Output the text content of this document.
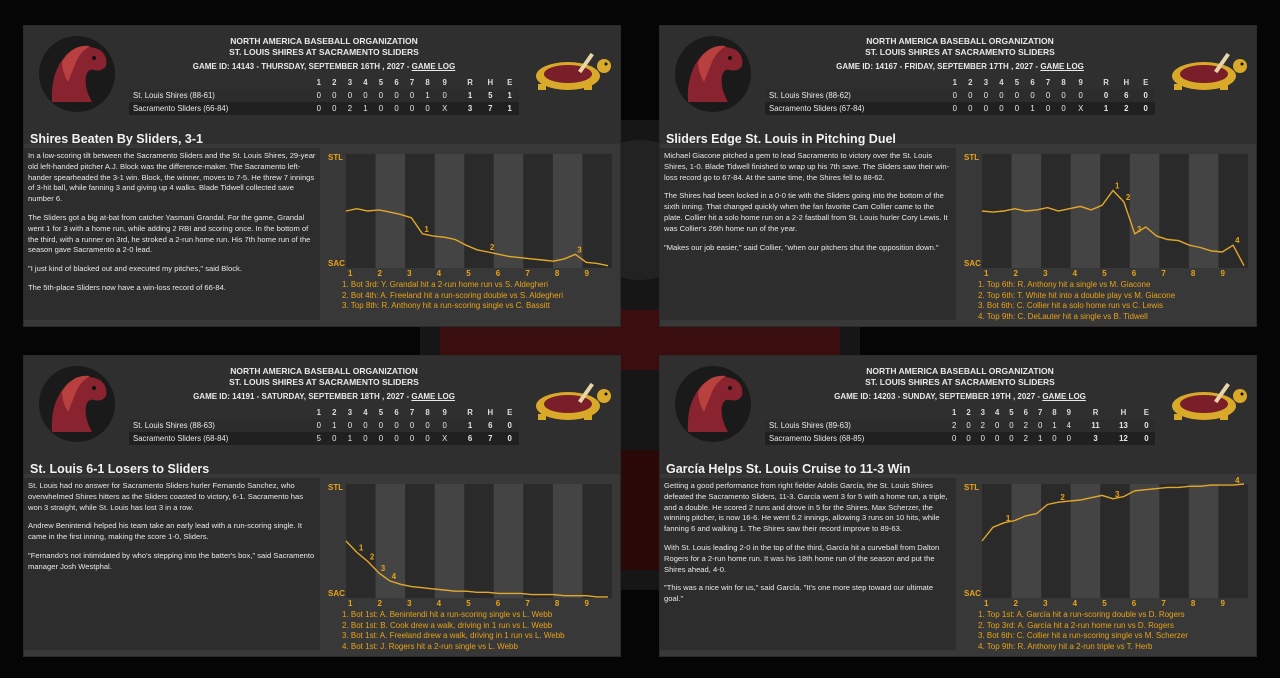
NORTH AMERICA BASEBALL ORGANIZATION
ST. LOUIS SHIRES AT SACRAMENTO SLIDERS
GAME ID: 14143 - THURSDAY, SEPTEMBER 16TH , 2027 - GAME LOG
	1	2	3	4	5	6	7	8	9		R	H	E
St. Louis Shires (88-61)	0	0	0	0	0	0	0	1	0		1	5	1
Sacramento Sliders (66-84)	0	0	2	1	0	0	0	0	X		3	7	1
Shires Beaten By Sliders, 3-1

In a low-scoring tilt between the Sacramento Sliders and the St. Louis Shires, 29-year old left-handed pitcher A.J. Block was the difference-maker. The Sacramento left-hander spearheaded the 3-1 win. Block, the winner, moves to 7-5. He threw 7 innings of 3-hit ball, while fanning 3 and giving up 4 walks. Blade Tidwell collected save number 6.

The Sliders got a big at-bat from catcher Yasmani Grandal. For the game, Grandal went 1 for 3 with a home run, while adding 2 RBI and scoring once. In the bottom of the third, with a runner on 3rd, he stroked a 2-run home run. His 7th home run of the season gave Sacramento a 2-0 lead.

"I just kind of blacked out and executed my pitches," said Block.

The 5th-place Sliders now have a win-loss record of 66-84.

STL
SAC
1	2	3	4	5	6	7	8	9
1
2	3
1. Bot 3rd: Y. Grandal hit a 2-run home run vs S. Aldegheri
2. Bot 4th: A. Freeland hit a run-scoring double vs S. Aldegheri
3. Top 8th: R. Anthony hit a run-scoring single vs C. Bassitt
NORTH AMERICA BASEBALL ORGANIZATION
ST. LOUIS SHIRES AT SACRAMENTO SLIDERS
GAME ID: 14167 - FRIDAY, SEPTEMBER 17TH , 2027 - GAME LOG
	1	2	3	4	5	6	7	8	9		R	H	E
St. Louis Shires (88-62)	0	0	0	0	0	0	0	0	0		0	6	0
Sacramento Sliders (67-84)	0	0	0	0	0	1	0	0	X		1	2	0
Sliders Edge St. Louis in Pitching Duel

Michael Giacone pitched a gem to lead Sacramento to victory over the St. Louis Shires, 1-0. Blade Tidwell finished to wrap up his 7th save. The Sliders saw their win-loss record go to 67-84. At the same time, the Shires fell to 88-62.

The Shires had been locked in a 0-0 tie with the Sliders going into the bottom of the sixth inning. That changed quickly when the fan favorite Cam Collier came to the plate. Collier hit a solo home run on a 2-2 fastball from St. Louis hurler Cory Lewis. It was Collier's 26th home run of the year.

"Makes our job easier," said Collier, "when our pitchers shut the opposition down."

STL
SAC
1	2	3	4	5	6	7	8	9
1
2
3
4
1. Top 6th: R. Anthony hit a single vs M. Giacone
2. Top 6th: T. White hit into a double play vs M. Giacone
3. Bot 6th: C. Collier hit a solo home run vs C. Lewis
4. Top 9th: C. DeLauter hit a single vs B. Tidwell
NORTH AMERICA BASEBALL ORGANIZATION
ST. LOUIS SHIRES AT SACRAMENTO SLIDERS
GAME ID: 14191 - SATURDAY, SEPTEMBER 18TH , 2027 - GAME LOG
	1	2	3	4	5	6	7	8	9		R	H	E
St. Louis Shires (88-63)	0	1	0	0	0	0	0	0	0		1	6	0
Sacramento Sliders (68-84)	5	0	1	0	0	0	0	0	X		6	7	0
St. Louis 6-1 Losers to Sliders

St. Louis had no answer for Sacramento Sliders hurler Fernando Sanchez, who overwhelmed Shires hitters as the Sliders coasted to victory, 6-1. Sacramento has won 3 straight, while St. Louis has lost 3 in a row.

Andrew Benintendi helped his team take an early lead with a run-scoring single. It came in the first inning, making the score 1-0, Sliders.

"Fernando's not intimidated by who's stepping into the batter's box," said Sacramento manager Josh Westphal.

STL
SAC
1	2	3	4	5	6	7	8	9
1
2
3
4
1. Bot 1st: A. Benintendi hit a run-scoring single vs L. Webb
2. Bot 1st: B. Cook drew a walk, driving in 1 run vs L. Webb
3. Bot 1st: A. Freeland drew a walk, driving in 1 run vs L. Webb
4. Bot 1st: J. Rogers hit a 2-run single vs L. Webb
NORTH AMERICA BASEBALL ORGANIZATION
ST. LOUIS SHIRES AT SACRAMENTO SLIDERS
GAME ID: 14203 - SUNDAY, SEPTEMBER 19TH , 2027 - GAME LOG
	1	2	3	4	5	6	7	8	9		R	H	E
St. Louis Shires (89-63)	2	0	2	0	0	2	0	1	4		11	13	0
Sacramento Sliders (68-85)	0	0	0	0	0	2	1	0	0		3	12	0
García Helps St. Louis Cruise to 11-3 Win

Getting a good performance from right fielder Adolis García, the St. Louis Shires defeated the Sacramento Sliders, 11-3. García went 3 for 5 with a home run, a triple, and a double. He scored 2 runs and drove in 5 for the Shires. Max Scherzer, the winning pitcher, is now 16-6. He went 6.2 innings, allowing 3 runs on 10 hits, while fanning 6 and walking 1. The Shires saw their record improve to 89-63.

With St. Louis leading 2-0 in the top of the third, García hit a curveball from Dalton Rogers for a 2-run home run. It was his 18th home run of the season and put the Shires ahead, 4-0.

"This was a nice win for us," said García. "It's one more step toward our ultimate goal."

STL
SAC
1	2	3	4	5	6	7	8	9
1
2	3
4
1. Top 1st: A. García hit a run-scoring double vs D. Rogers
2. Top 3rd: A. García hit a 2-run home run vs D. Rogers
3. Bot 6th: C. Collier hit a run-scoring single vs M. Scherzer
4. Top 9th: R. Anthony hit a 2-run triple vs T. Herb
